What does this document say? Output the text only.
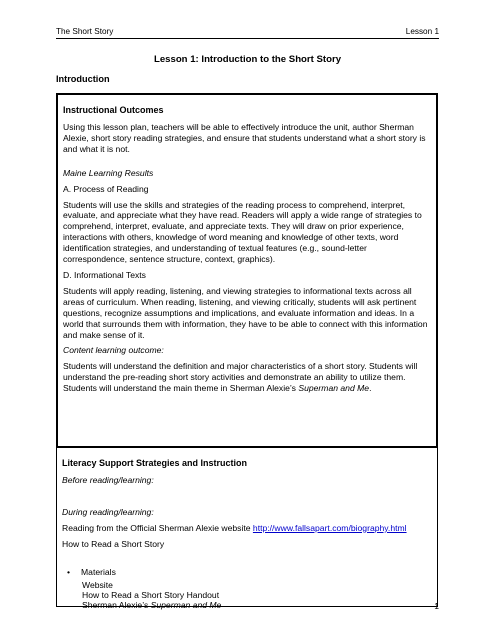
The Short Story	Lesson 1
Lesson 1: Introduction to the Short Story
Introduction
Instructional Outcomes
Using this lesson plan, teachers will be able to effectively introduce the unit, author Sherman Alexie, short story reading strategies, and ensure that students understand what a short story is and what it is not.
Maine Learning Results
A. Process of Reading
Students will use the skills and strategies of the reading process to comprehend, interpret, evaluate, and appreciate what they have read. Readers will apply a wide range of strategies to comprehend, interpret, evaluate, and appreciate texts. They will draw on prior experience, interactions with others, knowledge of word meaning and knowledge of other texts, word identification strategies, and understanding of textual features (e.g., sound-letter correspondence, sentence structure, context, graphics).
D. Informational Texts
Students will apply reading, listening, and viewing strategies to informational texts across all areas of curriculum. When reading, listening, and viewing critically, students will ask pertinent questions, recognize assumptions and implications, and evaluate information and ideas. In a world that surrounds them with information, they have to be able to connect with this information and make sense of it.
Content learning outcome:
Students will understand the definition and major characteristics of a short story. Students will understand the pre-reading short story activities and demonstrate an ability to utilize them. Students will understand the main theme in Sherman Alexie’s Superman and Me.
Literacy Support Strategies and Instruction
Before reading/learning:
During reading/learning:
Reading from the Official Sherman Alexie website http://www.fallsapart.com/biography.html
How to Read a Short Story
•	Materials
Website
How to Read a Short Story Handout
Sherman Alexie’s Superman and Me	1
